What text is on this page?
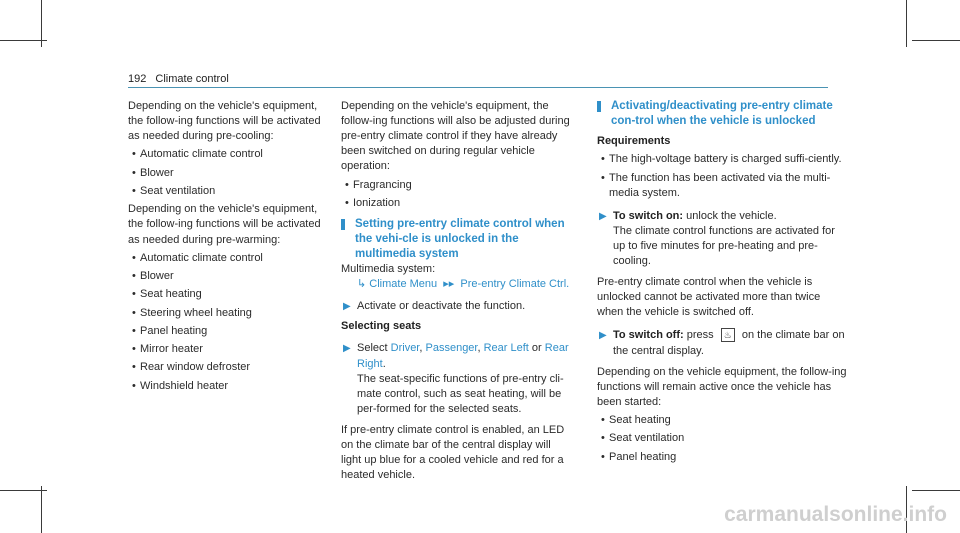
192 Climate control

Depending on the vehicle's equipment, the follow-ing functions will be activated as needed during pre-cooling:

• Automatic climate control
• Blower
• Seat ventilation

Depending on the vehicle's equipment, the follow-ing functions will be activated as needed during pre-warming:

• Automatic climate control
• Blower
• Seat heating
• Steering wheel heating
• Panel heating
• Mirror heater
• Rear window defroster
• Windshield heater

Depending on the vehicle's equipment, the follow-ing functions will also be adjusted during pre-entry climate control if they have already been switched on during regular vehicle operation:

• Fragrancing
• Ionization
Setting pre-entry climate control when the vehi-cle is unlocked in the multimedia system

Multimedia system:

↳ Climate Menu  ▸▸  Pre-entry Climate Ctrl.

▶ Activate or deactivate the function.

Selecting seats

▶ Select Driver, Passenger, Rear Left or Rear Right.
The seat-specific functions of pre-entry cli-mate control, such as seat heating, will be per-formed for the selected seats.

If pre-entry climate control is enabled, an LED on the climate bar of the central display will light up blue for a cooled vehicle and red for a heated vehicle.

Activating/deactivating pre-entry climate con-trol when the vehicle is unlocked

Requirements

• The high-voltage battery is charged suffi-ciently.
• The function has been activated via the multi-media system.
▶ To switch on: unlock the vehicle.
The climate control functions are activated for up to five minutes for pre-heating and pre-cooling.

Pre-entry climate control when the vehicle is unlocked cannot be activated more than twice when the vehicle is switched off.

▶ To switch off: press ♨ on the climate bar on the central display.

Depending on the vehicle equipment, the follow-ing functions will remain active once the vehicle has been started:

• Seat heating
• Seat ventilation
• Panel heating
carmanualsonline.info
